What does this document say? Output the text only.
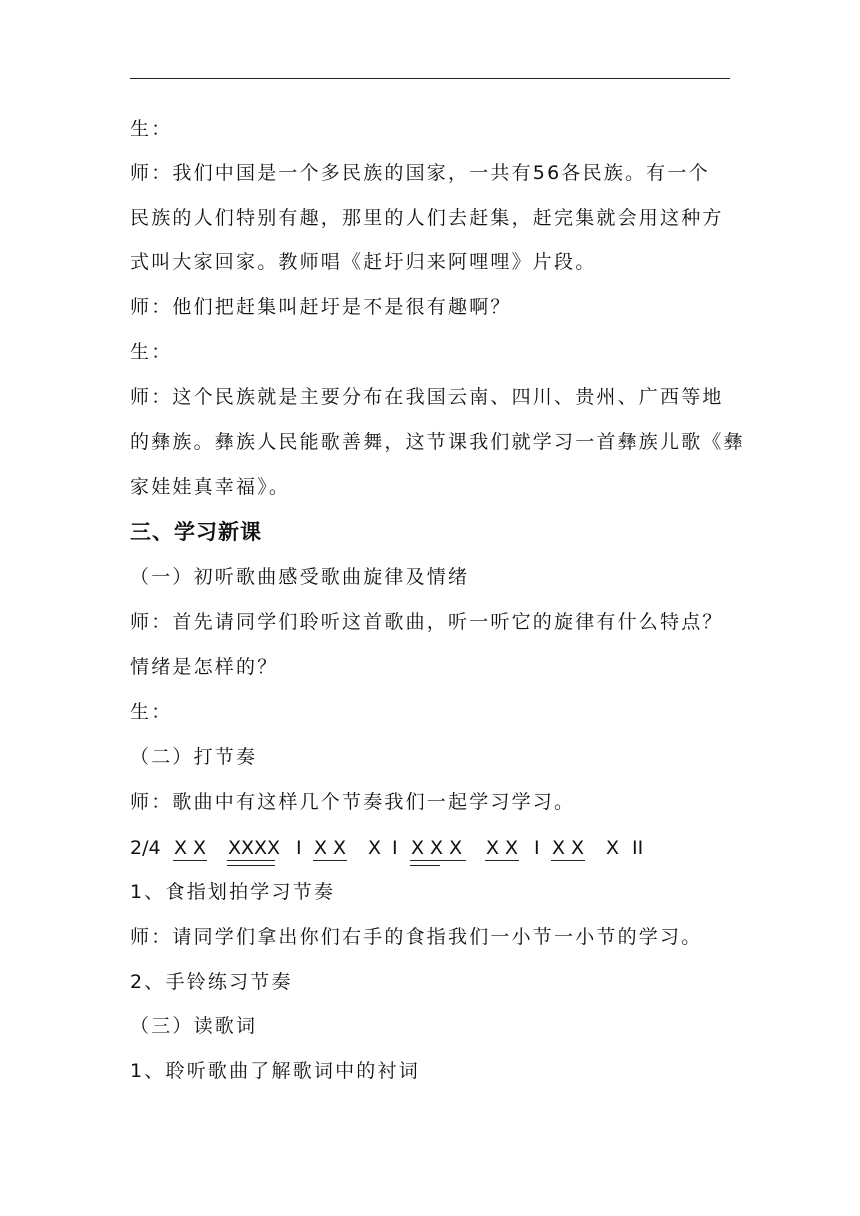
生：
师：我们中国是一个多民族的国家，一共有56各民族。有一个
民族的人们特别有趣，那里的人们去赶集，赶完集就会用这种方
式叫大家回家。教师唱《赶圩归来阿哩哩》片段。
师：他们把赶集叫赶圩是不是很有趣啊？
生：
师：这个民族就是主要分布在我国云南、四川、贵州、广西等地
的彝族。彝族人民能歌善舞，这节课我们就学习一首彝族儿歌《彝
家娃娃真幸福》。
三、学习新课
（一）初听歌曲感受歌曲旋律及情绪
师：首先请同学们聆听这首歌曲，听一听它的旋律有什么特点？
情绪是怎样的？
生：
（二）打节奏
师：歌曲中有这样几个节奏我们一起学习学习。
2/4 X X XXXX I X X X I X X X X X I X X X II
1、食指划拍学习节奏
师：请同学们拿出你们右手的食指我们一小节一小节的学习。
2、手铃练习节奏
（三）读歌词
1、聆听歌曲了解歌词中的衬词
